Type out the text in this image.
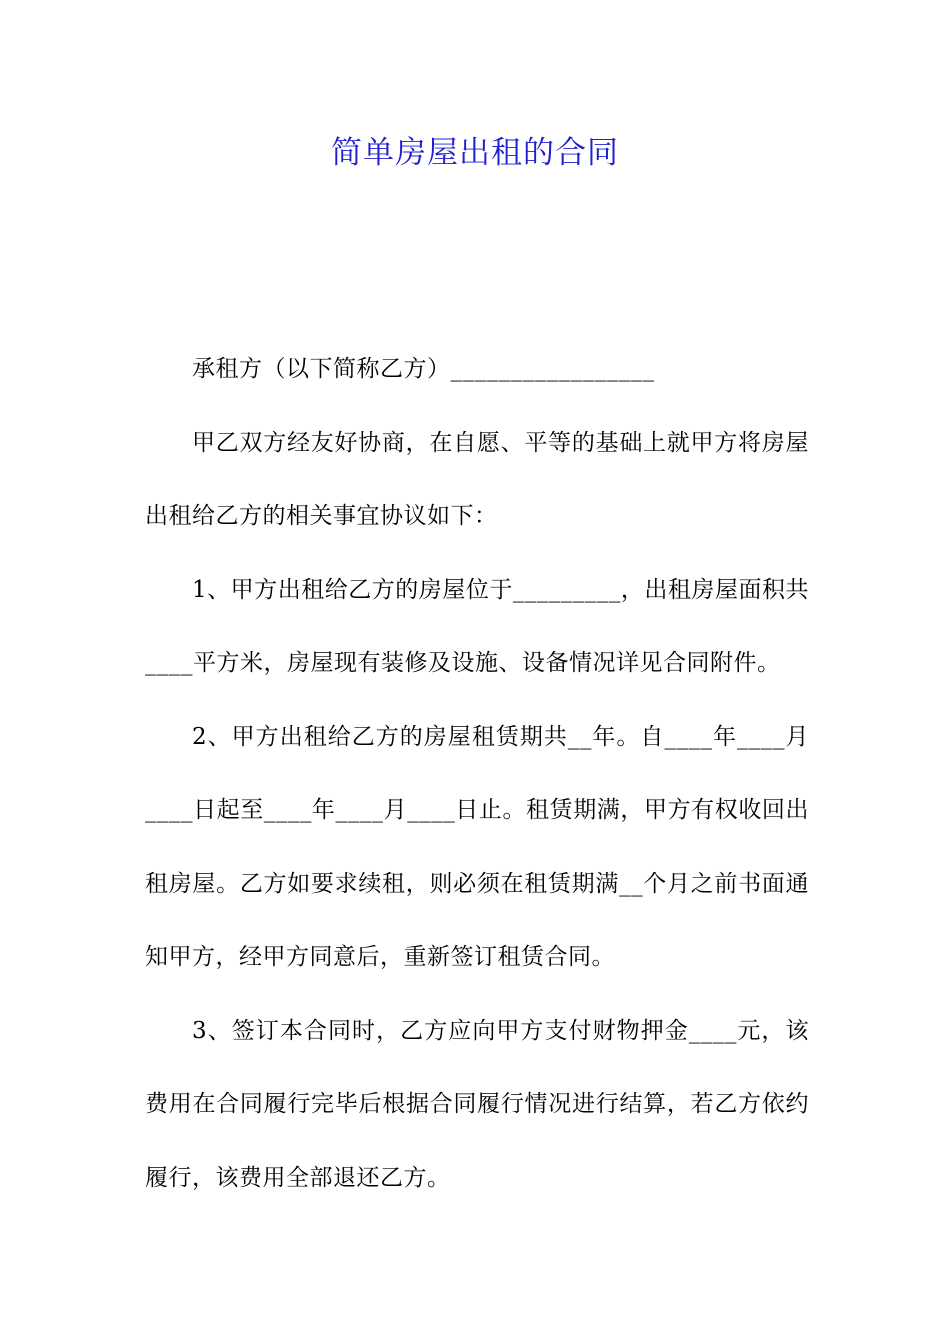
简单房屋出租的合同

承租方（以下简称乙方）_________________

甲乙双方经友好协商，在自愿、平等的基础上就甲方将房屋出租给乙方的相关事宜协议如下：

1、甲方出租给乙方的房屋位于_________，出租房屋面积共____平方米，房屋现有装修及设施、设备情况详见合同附件。

2、甲方出租给乙方的房屋租赁期共__年。自____年____月____日起至____年____月____日止。租赁期满，甲方有权收回出租房屋。乙方如要求续租，则必须在租赁期满__个月之前书面通知甲方，经甲方同意后，重新签订租赁合同。

3、签订本合同时，乙方应向甲方支付财物押金____元，该费用在合同履行完毕后根据合同履行情况进行结算，若乙方依约履行，该费用全部退还乙方。
